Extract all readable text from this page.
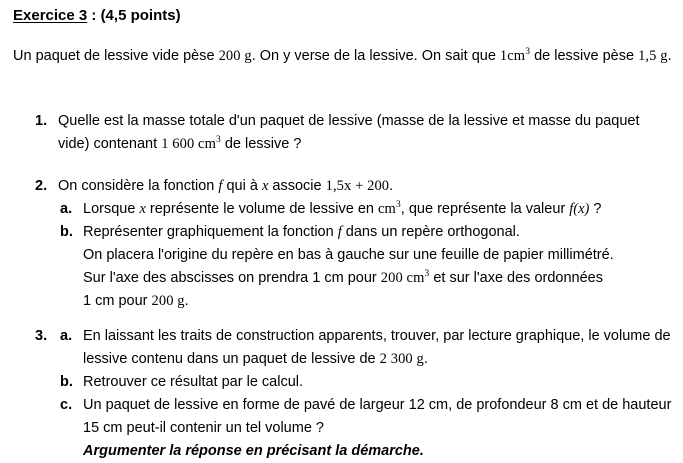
Exercice 3 : (4,5 points)
Un paquet de lessive vide pèse 200 g. On y verse de la lessive. On sait que $1cm^3$ de lessive pèse 1,5 g.
1. Quelle est la masse totale d'un paquet de lessive (masse de la lessive et masse du paquet vide) contenant 1 600 $cm^3$ de lessive ?
2. On considère la fonction f qui à x associe 1,5x + 200.
a. Lorsque x représente le volume de lessive en $cm^3$, que représente la valeur f(x) ?
b. Représenter graphiquement la fonction f dans un repère orthogonal.
On placera l'origine du repère en bas à gauche sur une feuille de papier millimétré.
Sur l'axe des abscisses on prendra 1 cm pour 200 $cm^3$ et sur l'axe des ordonnées
1 cm pour 200 g.
3. a. En laissant les traits de construction apparents, trouver, par lecture graphique, le volume de lessive contenu dans un paquet de lessive de 2 300 g.
b. Retrouver ce résultat par le calcul.
c. Un paquet de lessive en forme de pavé de largeur 12 cm, de profondeur 8 cm et de hauteur 15 cm peut-il contenir un tel volume ?
Argumenter la réponse en précisant la démarche.
